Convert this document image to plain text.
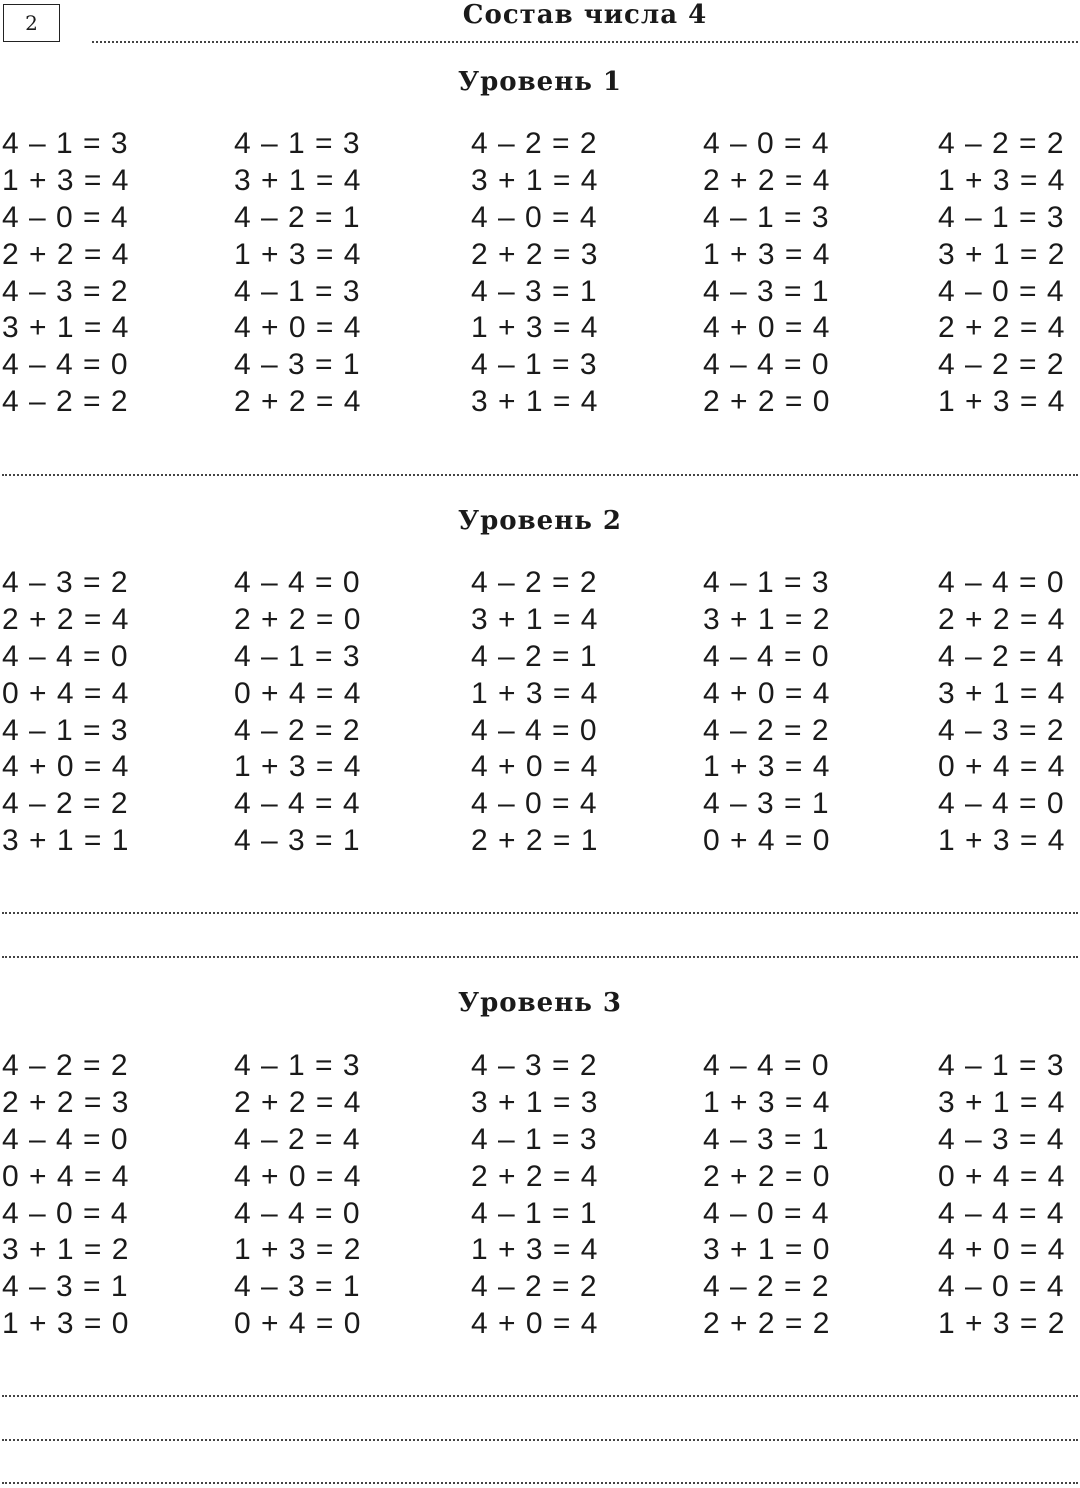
2	Состав числа 4
Уровень 1
4 – 1 = 3
1 + 3 = 4
4 – 0 = 4
2 + 2 = 4
4 – 3 = 2
3 + 1 = 4
4 – 4 = 0
4 – 2 = 2
4 – 1 = 3
3 + 1 = 4
4 – 2 = 1
1 + 3 = 4
4 – 1 = 3
4 + 0 = 4
4 – 3 = 1
2 + 2 = 4
4 – 2 = 2
3 + 1 = 4
4 – 0 = 4
2 + 2 = 3
4 – 3 = 1
1 + 3 = 4
4 – 1 = 3
3 + 1 = 4
4 – 0 = 4
2 + 2 = 4
4 – 1 = 3
1 + 3 = 4
4 – 3 = 1
4 + 0 = 4
4 – 4 = 0
2 + 2 = 0
4 – 2 = 2
1 + 3 = 4
4 – 1 = 3
3 + 1 = 2
4 – 0 = 4
2 + 2 = 4
4 – 2 = 2
1 + 3 = 4
Уровень 2
4 – 3 = 2
2 + 2 = 4
4 – 4 = 0
0 + 4 = 4
4 – 1 = 3
4 + 0 = 4
4 – 2 = 2
3 + 1 = 1
4 – 4 = 0
2 + 2 = 0
4 – 1 = 3
0 + 4 = 4
4 – 2 = 2
1 + 3 = 4
4 – 4 = 4
4 – 3 = 1
4 – 2 = 2
3 + 1 = 4
4 – 2 = 1
1 + 3 = 4
4 – 4 = 0
4 + 0 = 4
4 – 0 = 4
2 + 2 = 1
4 – 1 = 3
3 + 1 = 2
4 – 4 = 0
4 + 0 = 4
4 – 2 = 2
1 + 3 = 4
4 – 3 = 1
0 + 4 = 0
4 – 4 = 0
2 + 2 = 4
4 – 2 = 4
3 + 1 = 4
4 – 3 = 2
0 + 4 = 4
4 – 4 = 0
1 + 3 = 4
Уровень 3
4 – 2 = 2
2 + 2 = 3
4 – 4 = 0
0 + 4 = 4
4 – 0 = 4
3 + 1 = 2
4 – 3 = 1
1 + 3 = 0
4 – 1 = 3
2 + 2 = 4
4 – 2 = 4
4 + 0 = 4
4 – 4 = 0
1 + 3 = 2
4 – 3 = 1
0 + 4 = 0
4 – 3 = 2
3 + 1 = 3
4 – 1 = 3
2 + 2 = 4
4 – 1 = 1
1 + 3 = 4
4 – 2 = 2
4 + 0 = 4
4 – 4 = 0
1 + 3 = 4
4 – 3 = 1
2 + 2 = 0
4 – 0 = 4
3 + 1 = 0
4 – 2 = 2
2 + 2 = 2
4 – 1 = 3
3 + 1 = 4
4 – 3 = 4
0 + 4 = 4
4 – 4 = 4
4 + 0 = 4
4 – 0 = 4
1 + 3 = 2
